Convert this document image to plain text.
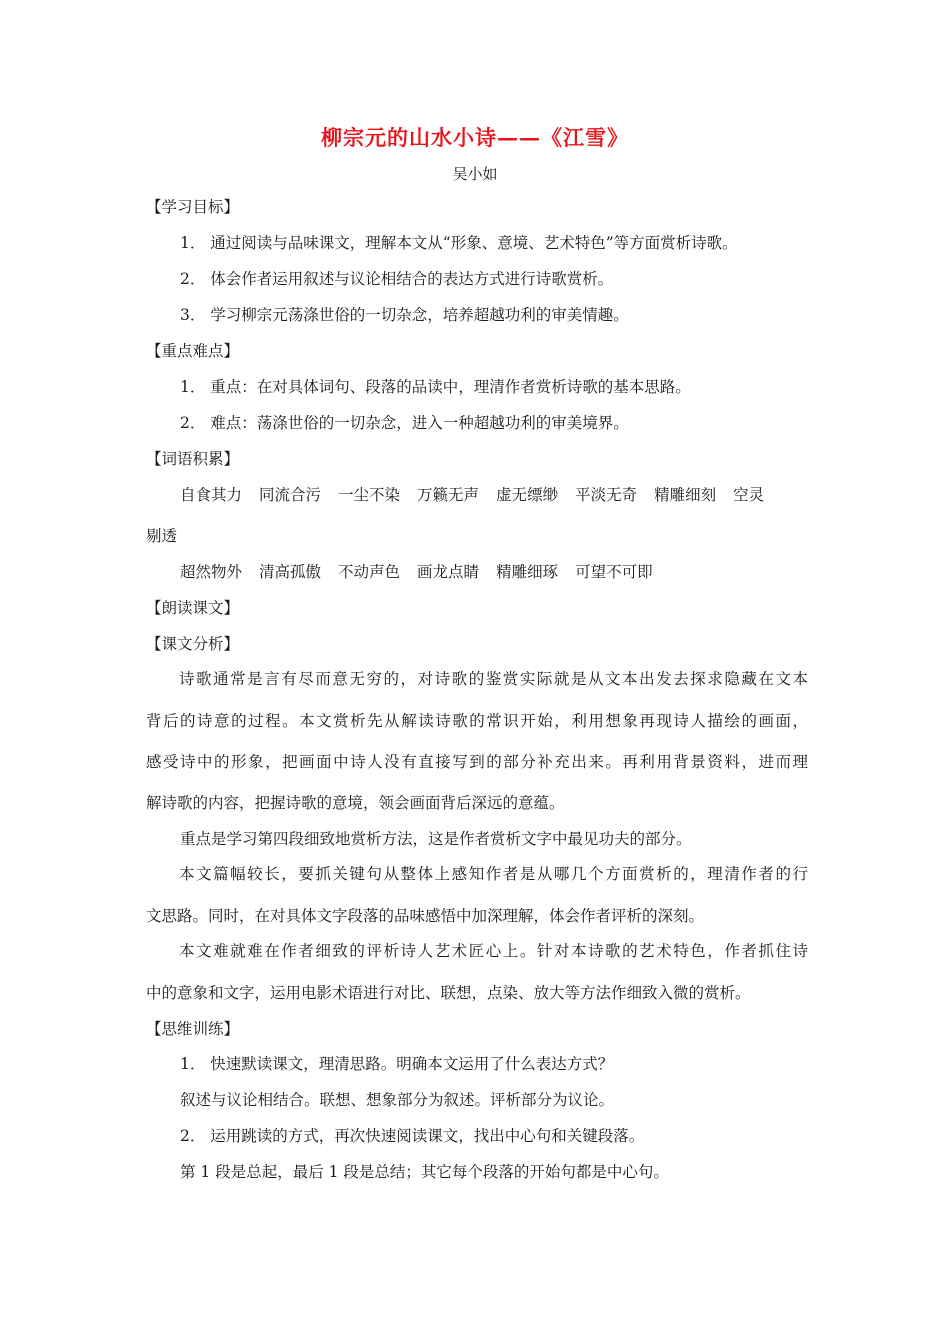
柳宗元的山水小诗——《江雪》
吴小如
【学习目标】
1． 通过阅读与品味课文，理解本文从“形象、意境、艺术特色”等方面赏析诗歌。
2． 体会作者运用叙述与议论相结合的表达方式进行诗歌赏析。
3． 学习柳宗元荡涤世俗的一切杂念，培养超越功利的审美情趣。
【重点难点】
1． 重点：在对具体词句、段落的品读中，理清作者赏析诗歌的基本思路。
2． 难点：荡涤世俗的一切杂念，进入一种超越功利的审美境界。
【词语积累】
自食其力 同流合污 一尘不染 万籁无声 虚无缥缈 平淡无奇 精雕细刻 空灵
剔透
超然物外 清高孤傲 不动声色 画龙点睛 精雕细琢 可望不可即
【朗读课文】
【课文分析】
诗歌通常是言有尽而意无穷的，对诗歌的鉴赏实际就是从文本出发去探求隐藏在文本
背后的诗意的过程。本文赏析先从解读诗歌的常识开始，利用想象再现诗人描绘的画面，
感受诗中的形象，把画面中诗人没有直接写到的部分补充出来。再利用背景资料，进而理
解诗歌的内容，把握诗歌的意境，领会画面背后深远的意蕴。
重点是学习第四段细致地赏析方法，这是作者赏析文字中最见功夫的部分。
本文篇幅较长，要抓关键句从整体上感知作者是从哪几个方面赏析的，理清作者的行
文思路。同时，在对具体文字段落的品味感悟中加深理解，体会作者评析的深刻。
本文难就难在作者细致的评析诗人艺术匠心上。针对本诗歌的艺术特色，作者抓住诗
中的意象和文字，运用电影术语进行对比、联想，点染、放大等方法作细致入微的赏析。
【思维训练】
1． 快速默读课文，理清思路。明确本文运用了什么表达方式？
叙述与议论相结合。联想、想象部分为叙述。评析部分为议论。
2． 运用跳读的方式，再次快速阅读课文，找出中心句和关键段落。
第 1 段是总起，最后 1 段是总结；其它每个段落的开始句都是中心句。
